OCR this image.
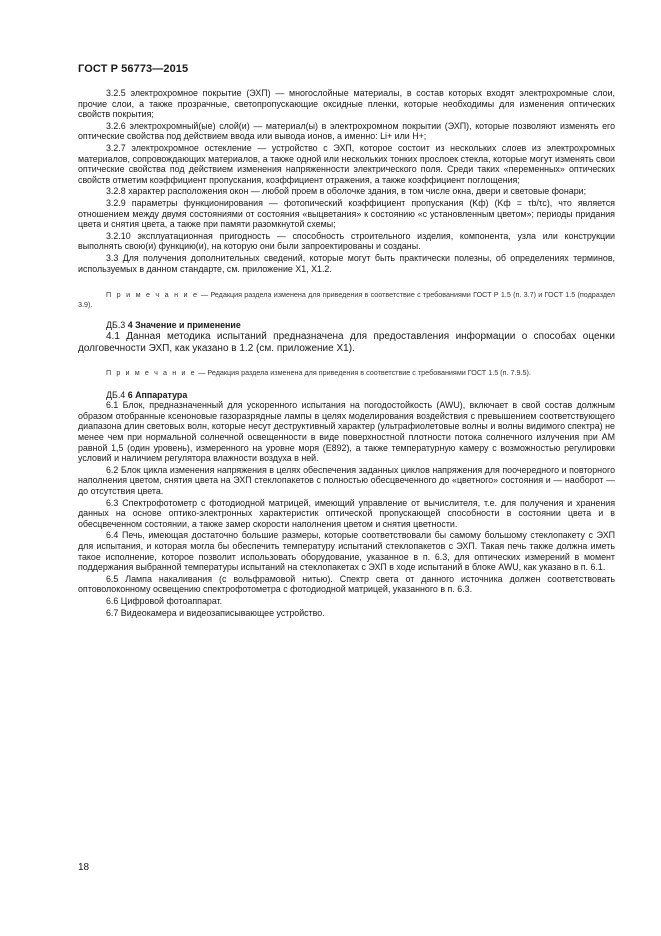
ГОСТ Р 56773—2015

3.2.5 электрохромное покрытие (ЭХП) — многослойные материалы, в состав которых входят электрохромные слои, прочие слои, а также прозрачные, светопропускающие оксидные пленки, которые необходимы для изменения оптических свойств покрытия;

3.2.6 электрохромный(ые) слой(и) — материал(ы) в электрохромном покрытии (ЭХП), которые позволяют изменять его оптические свойства под действием ввода или вывода ионов, а именно: Li+ или H+;

3.2.7 электрохромное остекление — устройство с ЭХП, которое состоит из нескольких слоев из электрохромных материалов, сопровождающих материалов, а также одной или нескольких тонких прослоек стекла, которые могут изменять свои оптические свойства под действием изменения напряженности электрического поля. Среди таких «переменных» оптических свойств отметим коэффициент пропускания, коэффициент отражения, а также коэффициент поглощения;

3.2.8 характер расположения окон — любой проем в оболочке здания, в том числе окна, двери и световые фонари;

3.2.9 параметры функционирования — фотопический коэффициент пропускания (Kф) (Kф = τb/τc), что является отношением между двумя состояниями от состояния «выцветания» к состоянию «с установленным цветом»; периоды придания цвета и снятия цвета, а также при памяти разомкнутой схемы;

3.2.10 эксплуатационная пригодность — способность строительного изделия, компонента, узла или конструкции выполнять свою(и) функцию(и), на которую они были запроектированы и созданы.

3.3 Для получения дополнительных сведений, которые могут быть практически полезны, об определениях терминов, используемых в данном стандарте, см. приложение Х1, Х1.2.

П р и м е ч а н и е — Редакция раздела изменена для приведения в соответствие с требованиями ГОСТ Р 1.5 (п. 3.7) и ГОСТ 1.5 (подраздел 3.9).

ДБ.3 4 Значение и применение

4.1 Данная методика испытаний предназначена для предоставления информации о способах оценки долговечности ЭХП, как указано в 1.2 (см. приложение Х1).

П р и м е ч а н и е — Редакция раздела изменена для приведения в соответствие с требованиями ГОСТ 1.5 (п. 7.9.5).

ДБ.4 6 Аппаратура

6.1 Блок, предназначенный для ускоренного испытания на погодостойкость (AWU), включает в свой состав должным образом отобранные ксеноновые газоразрядные лампы в целях моделирования воздействия с превышением соответствующего диапазона длин световых волн, которые несут деструктивный характер (ультрафиолетовые волны и волны видимого спектра) не менее чем при нормальной солнечной освещенности в виде поверхностной плотности потока солнечного излучения при AM равной 1,5 (один уровень), измеренного на уровне моря (E892), а также температурную камеру с возможностью регулировки условий и наличием регулятора влажности воздуха в ней.

6.2 Блок цикла изменения напряжения в целях обеспечения заданных циклов напряжения для поочередного и повторного наполнения цветом, снятия цвета на ЭХП стеклопакетов с полностью обесцвеченного до «цветного» состояния и — наоборот — до отсутствия цвета.

6.3 Спектрофотометр с фотодиодной матрицей, имеющий управление от вычислителя, т.е. для получения и хранения данных на основе оптико-электронных характеристик оптической пропускающей способности в состоянии цвета и в обесцвеченном состоянии, а также замер скорости наполнения цветом и снятия цветности.

6.4 Печь, имеющая достаточно большие размеры, которые соответствовали бы самому большому стеклопакету с ЭХП для испытания, и которая могла бы обеспечить температуру испытаний стеклопакетов с ЭХП. Такая печь также должна иметь такое исполнение, которое позволит использовать оборудование, указанное в п. 6.3, для оптических измерений в момент поддержания выбранной температуры испытаний на стеклопакетах с ЭХП в ходе испытаний в блоке AWU, как указано в п. 6.1.

6.5 Лампа накаливания (с вольфрамовой нитью). Спектр света от данного источника должен соответствовать оптоволоконному освещению спектрофотометра с фотодиодной матрицей, указанного в п. 6.3.

6.6 Цифровой фотоаппарат.

6.7 Видеокамера и видеозаписывающее устройство.

18
